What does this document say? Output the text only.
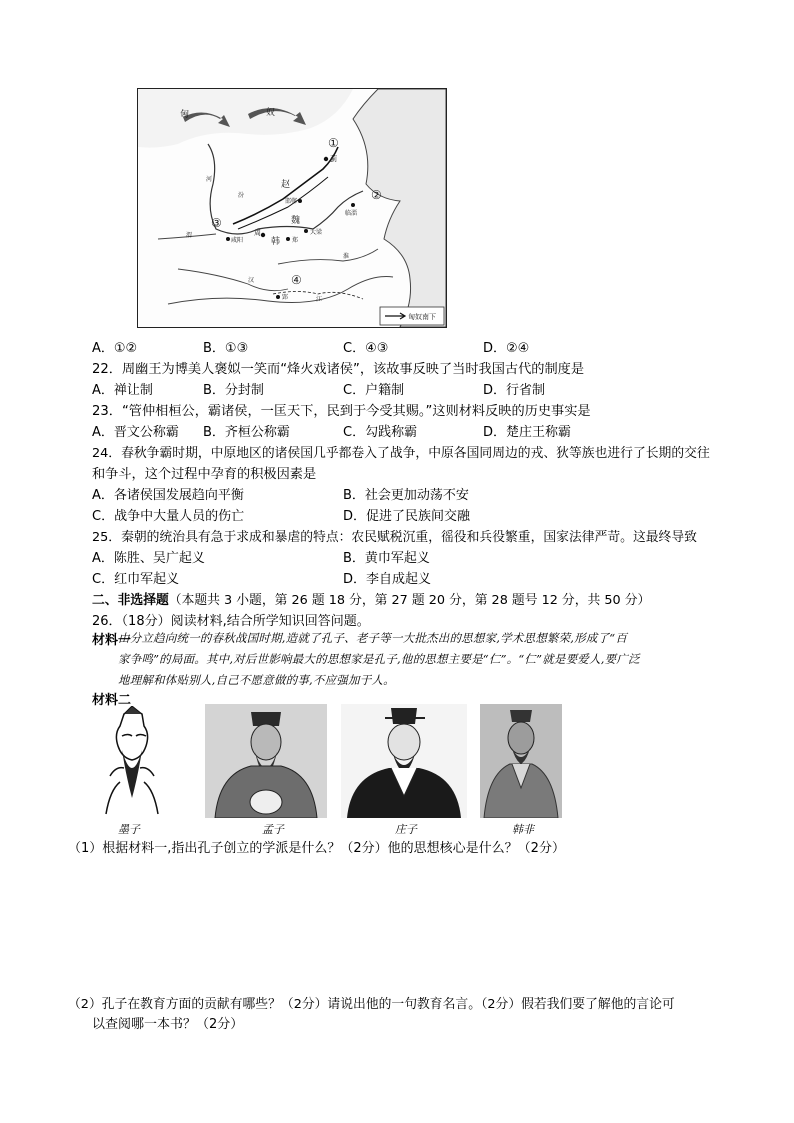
匈	奴
①
②
③
④
蓟
赵
邯郸
临淄
魏
大梁
周
郑
韩
咸阳
郢
河
汾
渭
淮
汉
江
匈奴南下
A．①②	B．①③	C．④③	D．②④
22．周幽王为博美人褒姒一笑而“烽火戏诸侯”，该故事反映了当时我国古代的制度是
A．禅让制	B．分封制	C．户籍制	D．行省制
23．“管仲相桓公，霸诸侯，一匡天下，民到于今受其赐。”这则材料反映的历史事实是
A．晋文公称霸 B．齐桓公称霸	C．勾践称霸	D．楚庄王称霸
24．春秋争霸时期，中原地区的诸侯国几乎都卷入了战争，中原各国同周边的戎、狄等族也进行了长期的交往
和争斗，这个过程中孕育的积极因素是
A．各诸侯国发展趋向平衡	B．社会更加动荡不安
C．战争中大量人员的伤亡	D．促进了民族间交融
25．秦朝的统治具有急于求成和暴虐的特点：农民赋税沉重，徭役和兵役繁重，国家法律严苛。这最终导致
A．陈胜、吴广起义	B．黄巾军起义
C．红巾军起义	D．李自成起义
二、非选择题（本题共 3 小题，第 26 题 18 分，第 27 题 20 分，第 28 题号 12 分，共 50 分）
26．（18分）阅读材料,结合所学知识回答问题。
材料一
由分立趋向统一的春秋战国时期,造就了孔子、老子等一大批杰出的思想家,学术思想繁荣,形成了“百
家争鸣”的局面。其中,对后世影响最大的思想家是孔子,他的思想主要是“仁”。“仁”就是要爱人,要广泛
地理解和体贴别人,自己不愿意做的事,不应强加于人。
材料二
墨子	孟子	庄子	韩非
（1）根据材料一,指出孔子创立的学派是什么？（2分）他的思想核心是什么？（2分）
（2）孔子在教育方面的贡献有哪些？（2分）请说出他的一句教育名言。（2分）假若我们要了解他的言论可
以查阅哪一本书？（2分）
